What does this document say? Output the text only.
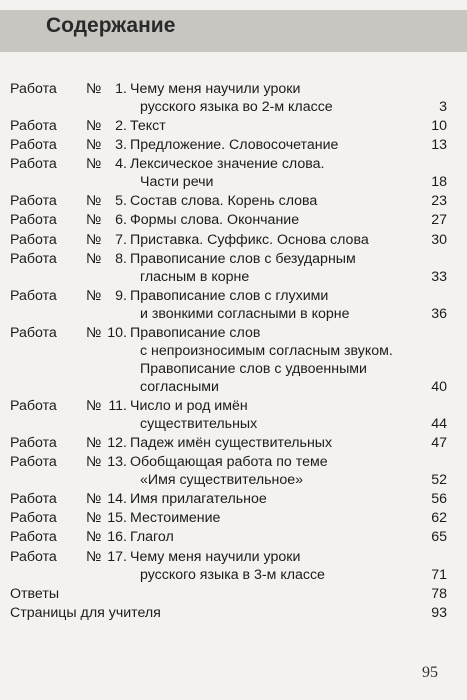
Содержание
Работа № 1. Чему меня научили уроки
русского языка во 2-м классе	3
Работа № 2. Текст	10
Работа № 3. Предложение. Словосочетание	13
Работа № 4. Лексическое значение слова.
Части речи	18
Работа № 5. Состав слова. Корень слова	23
Работа № 6. Формы слова. Окончание	27
Работа № 7. Приставка. Суффикс. Основа слова	30
Работа № 8. Правописание слов с безударным
гласным в корне	33
Работа № 9. Правописание слов с глухими
и звонкими согласными в корне	36
Работа № 10. Правописание слов
с непроизносимым согласным звуком.
Правописание слов с удвоенными
согласными	40
Работа № 11. Число и род имён
существительных	44
Работа № 12. Падеж имён существительных	47
Работа № 13. Обобщающая работа по теме
«Имя существительное»	52
Работа № 14. Имя прилагательное	56
Работа № 15. Местоимение	62
Работа № 16. Глагол	65
Работа № 17. Чему меня научили уроки
русского языка в 3-м классе	71
Ответы	78
Страницы для учителя	93
95
